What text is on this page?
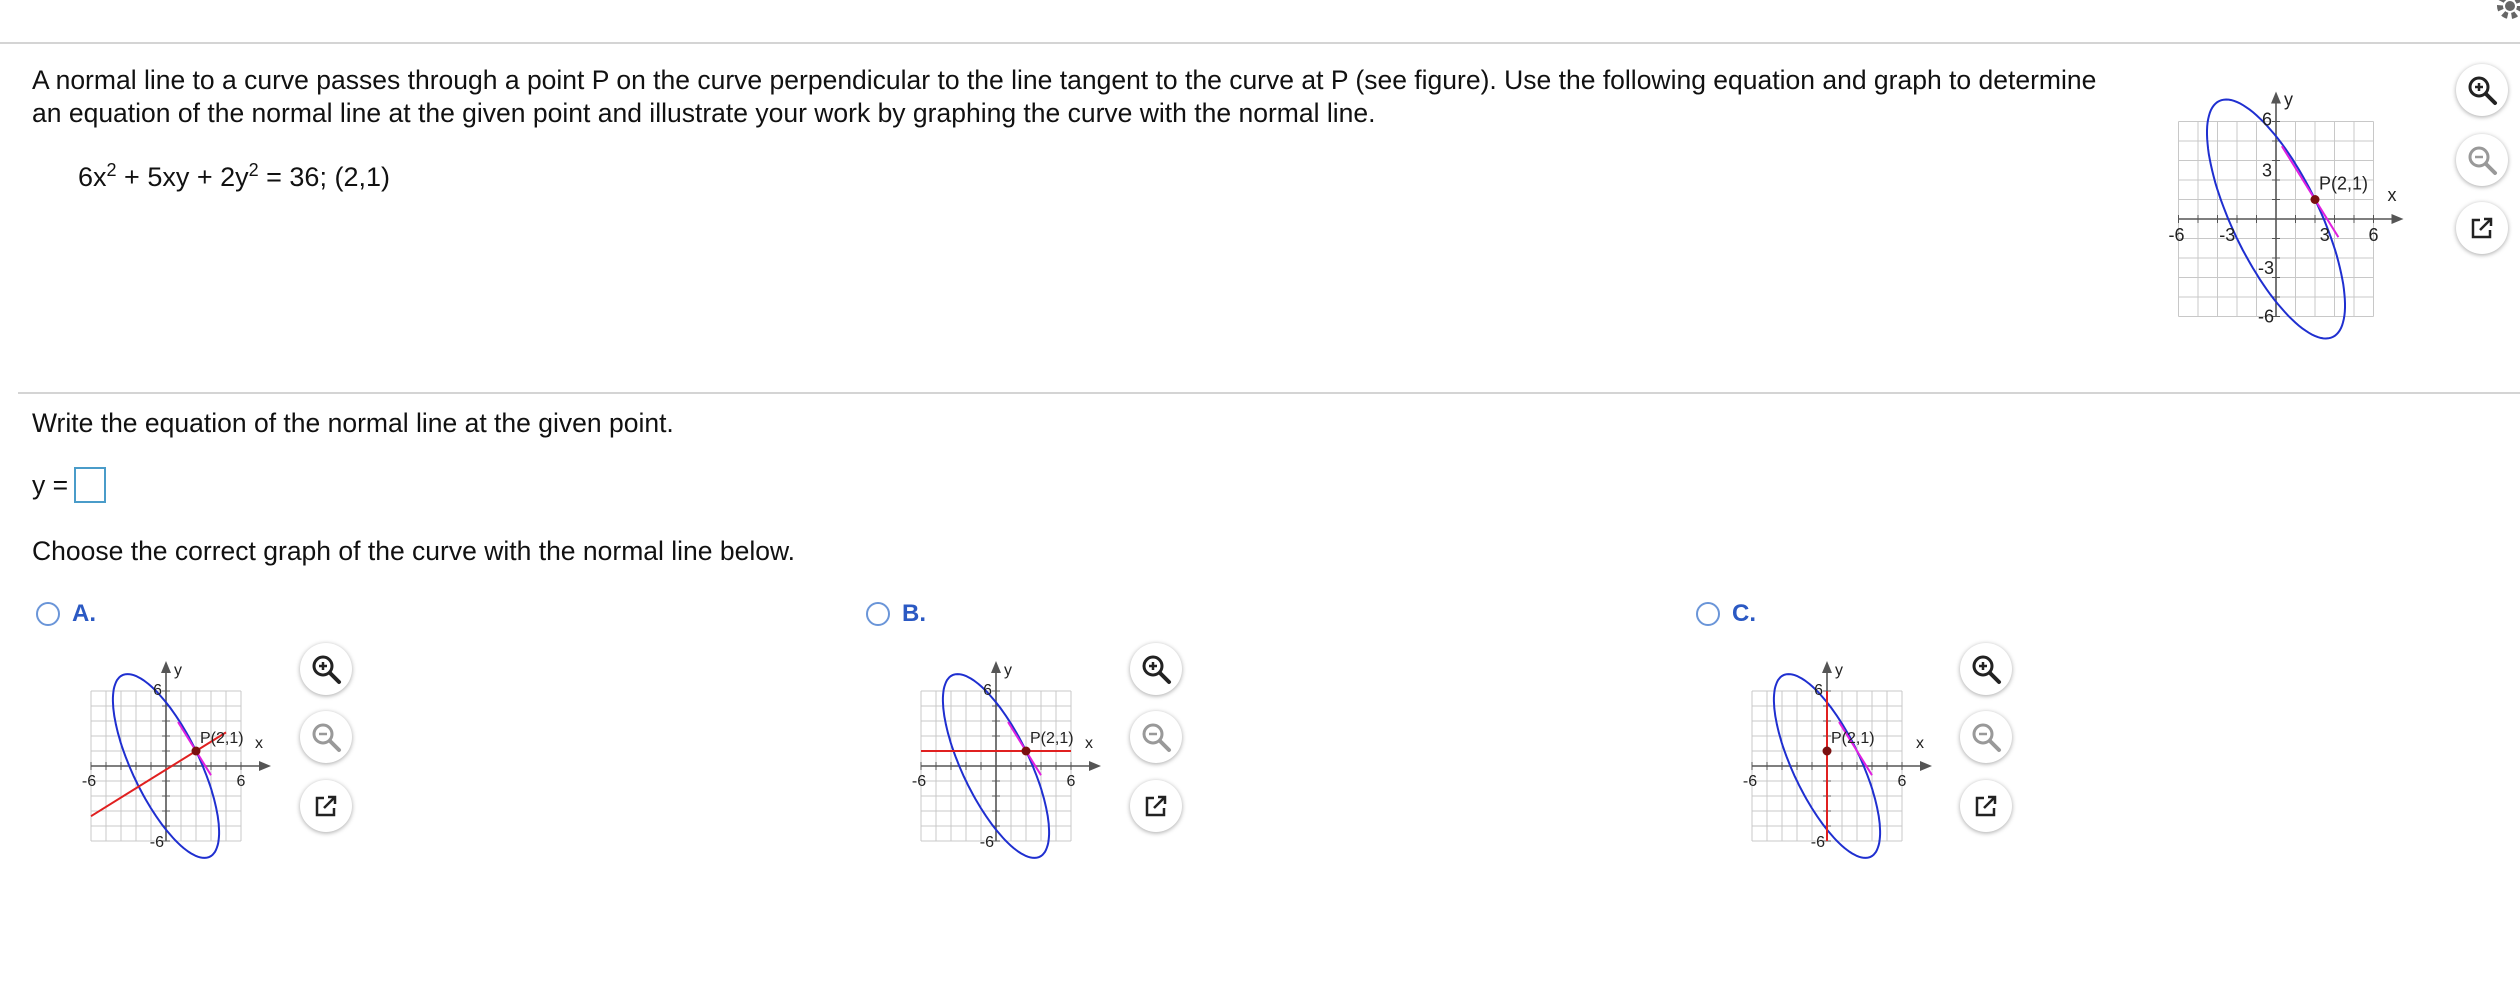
A normal line to a curve passes through a point P on the curve perpendicular to the line tangent to the curve at P (see figure). Use the following equation and graph to determine an equation of the normal line at the given point and illustrate your work by graphing the curve with the normal line.

$6x^2 + 5xy + 2y^2 = 36$; (2,1)
y
x
P(2,1)
-6	6
6
-6
-3	3
3
-3
Write the equation of the normal line at the given point.
y =
Choose the correct graph of the curve with the normal line below.
A.
y
x
P(2,1)
-6	6
6
-6
B.
y
x
P(2,1)
-6	6
6
-6
C.
y
x
P(2,1)
-6	6
6
-6
